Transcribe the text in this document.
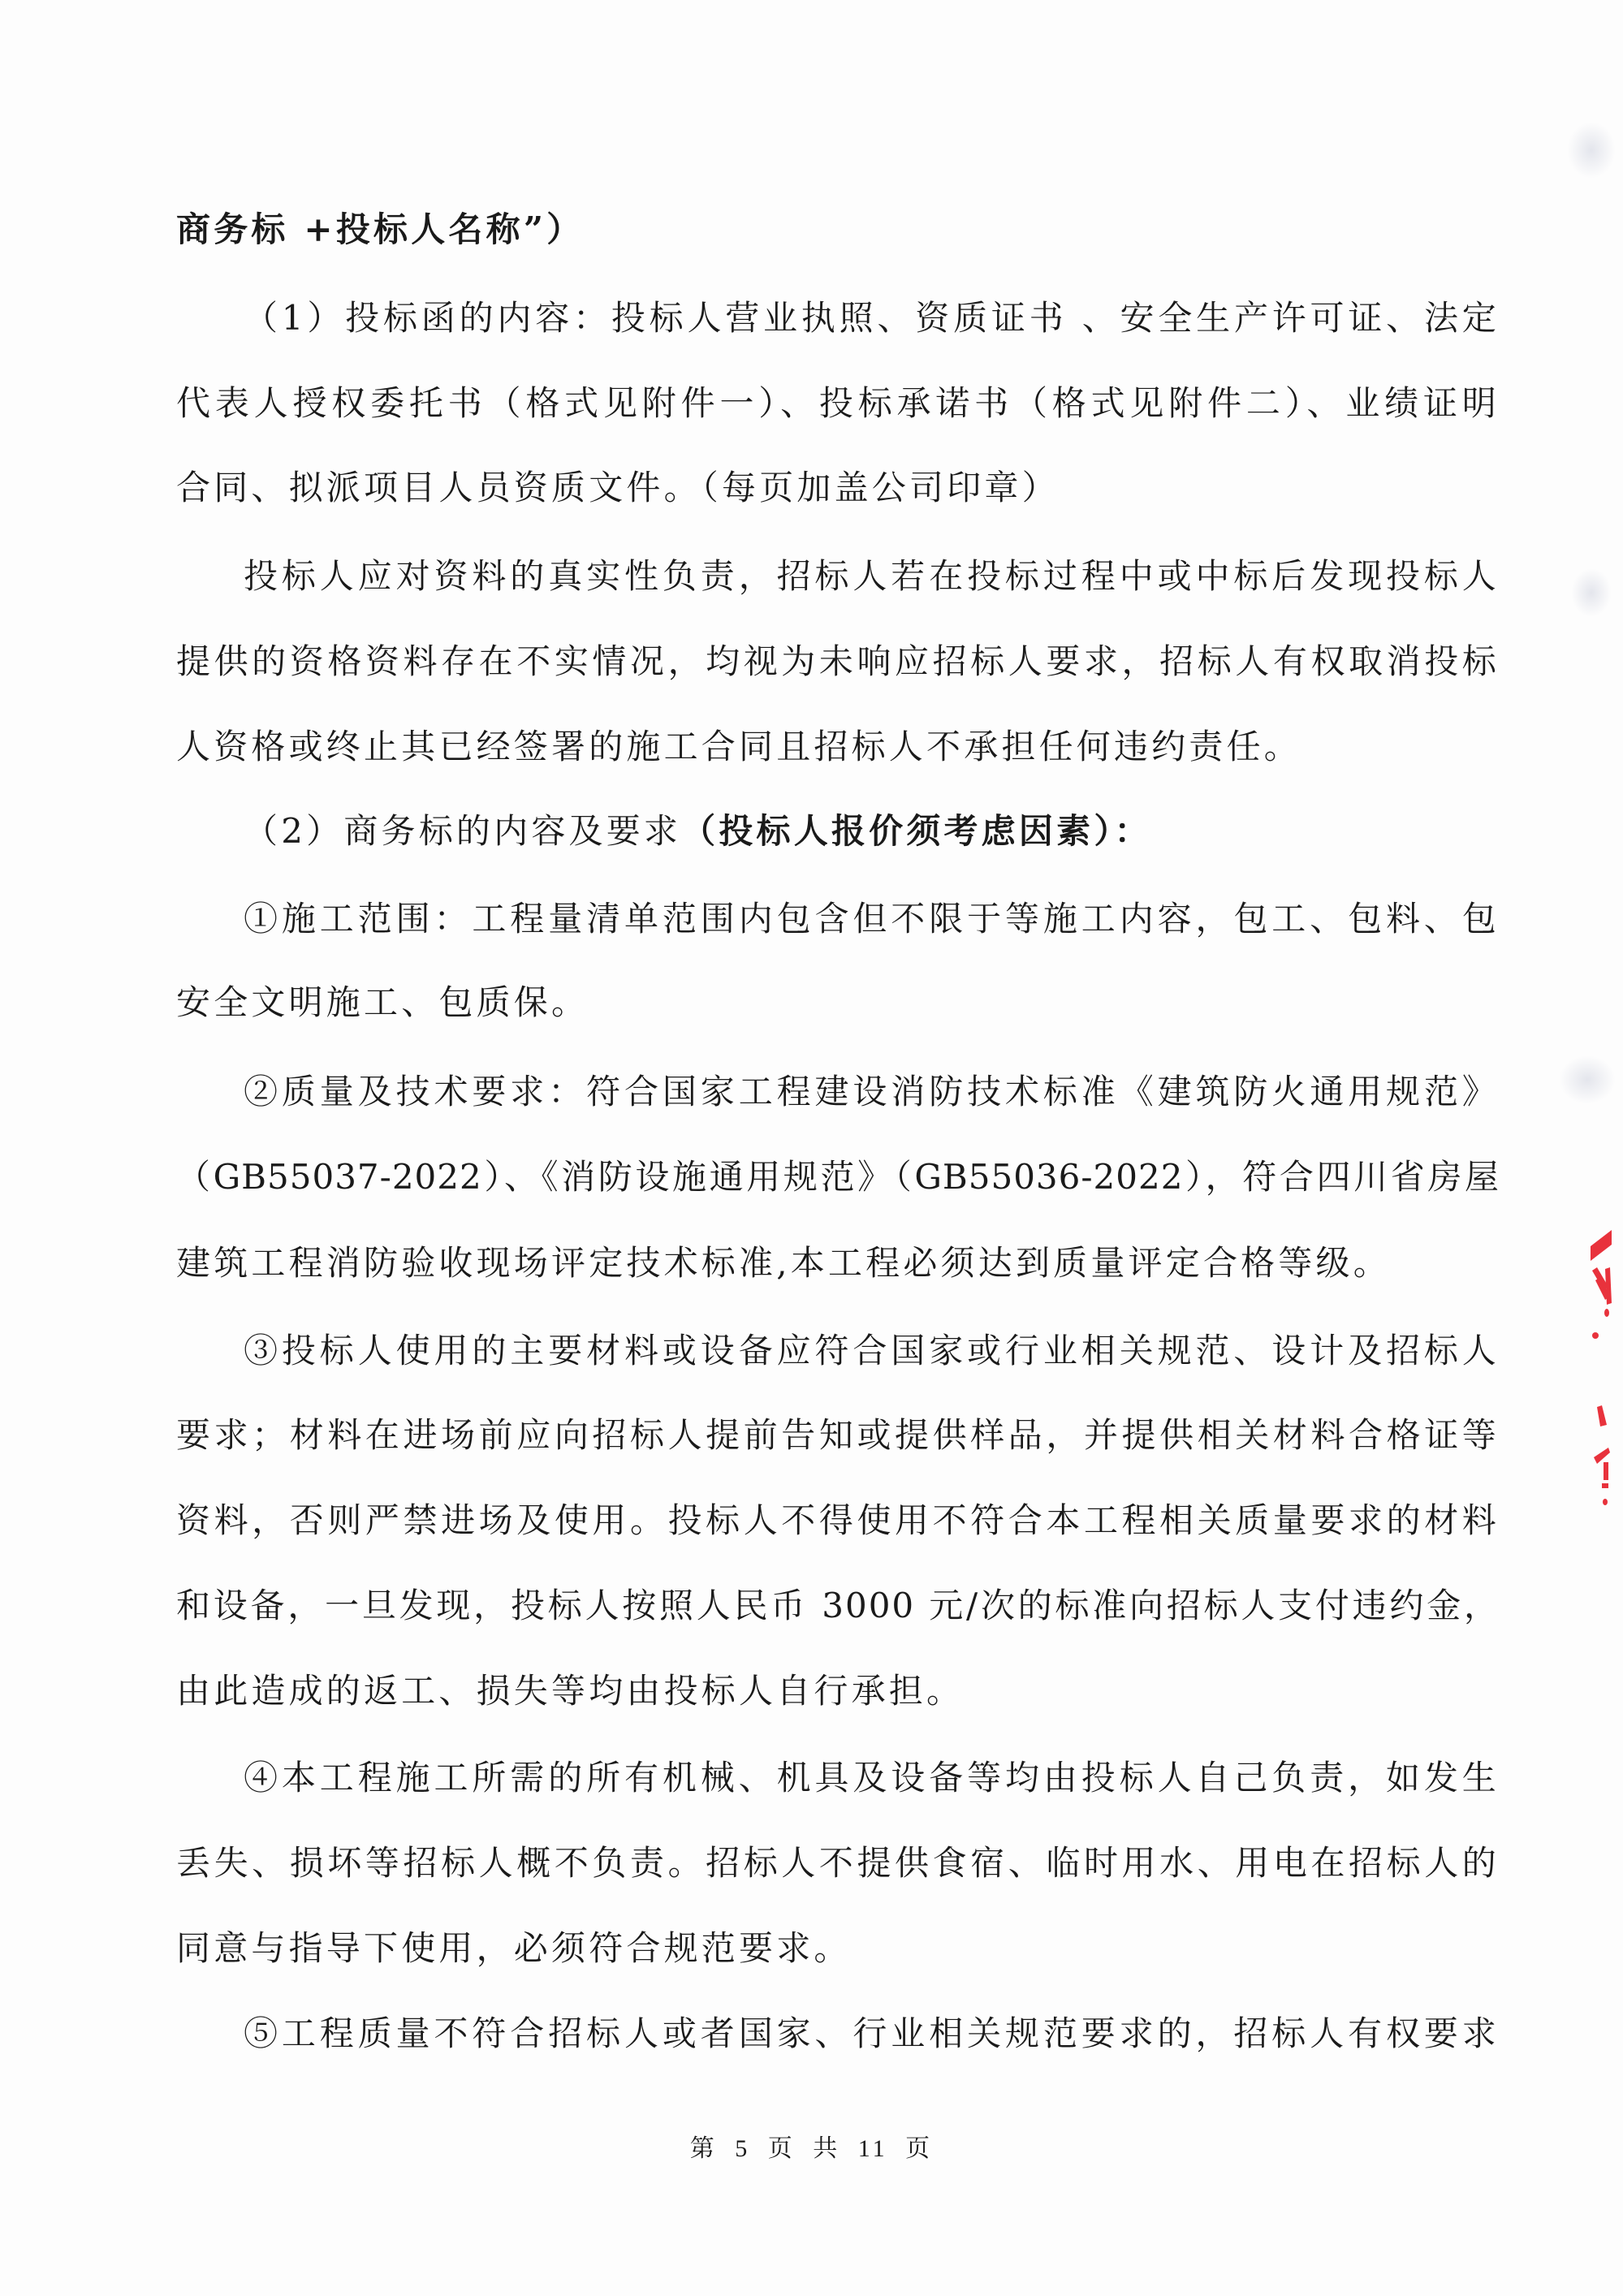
商务标 +投标人名称”）
（1）投标函的内容：投标人营业执照、资质证书 、安全生产许可证、法定
代表人授权委托书（格式见附件一）、投标承诺书（格式见附件二）、业绩证明
合同、拟派项目人员资质文件。（每页加盖公司印章）
投标人应对资料的真实性负责，招标人若在投标过程中或中标后发现投标人
提供的资格资料存在不实情况，均视为未响应招标人要求，招标人有权取消投标
人资格或终止其已经签署的施工合同且招标人不承担任何违约责任。
（2）商务标的内容及要求（投标人报价须考虑因素）：
①施工范围：工程量清单范围内包含但不限于等施工内容，包工、包料、包
安全文明施工、包质保。
②质量及技术要求：符合国家工程建设消防技术标准《建筑防火通用规范》
（GB55037-2022）、《消防设施通用规范》（GB55036-2022），符合四川省房屋
建筑工程消防验收现场评定技术标准,本工程必须达到质量评定合格等级。
③投标人使用的主要材料或设备应符合国家或行业相关规范、设计及招标人
要求；材料在进场前应向招标人提前告知或提供样品，并提供相关材料合格证等
资料，否则严禁进场及使用。投标人不得使用不符合本工程相关质量要求的材料
和设备，一旦发现，投标人按照人民币 3000 元/次的标准向招标人支付违约金，
由此造成的返工、损失等均由投标人自行承担。
④本工程施工所需的所有机械、机具及设备等均由投标人自己负责，如发生
丢失、损坏等招标人概不负责。招标人不提供食宿、临时用水、用电在招标人的
同意与指导下使用，必须符合规范要求。
⑤工程质量不符合招标人或者国家、行业相关规范要求的，招标人有权要求
第 5 页 共 11 页
